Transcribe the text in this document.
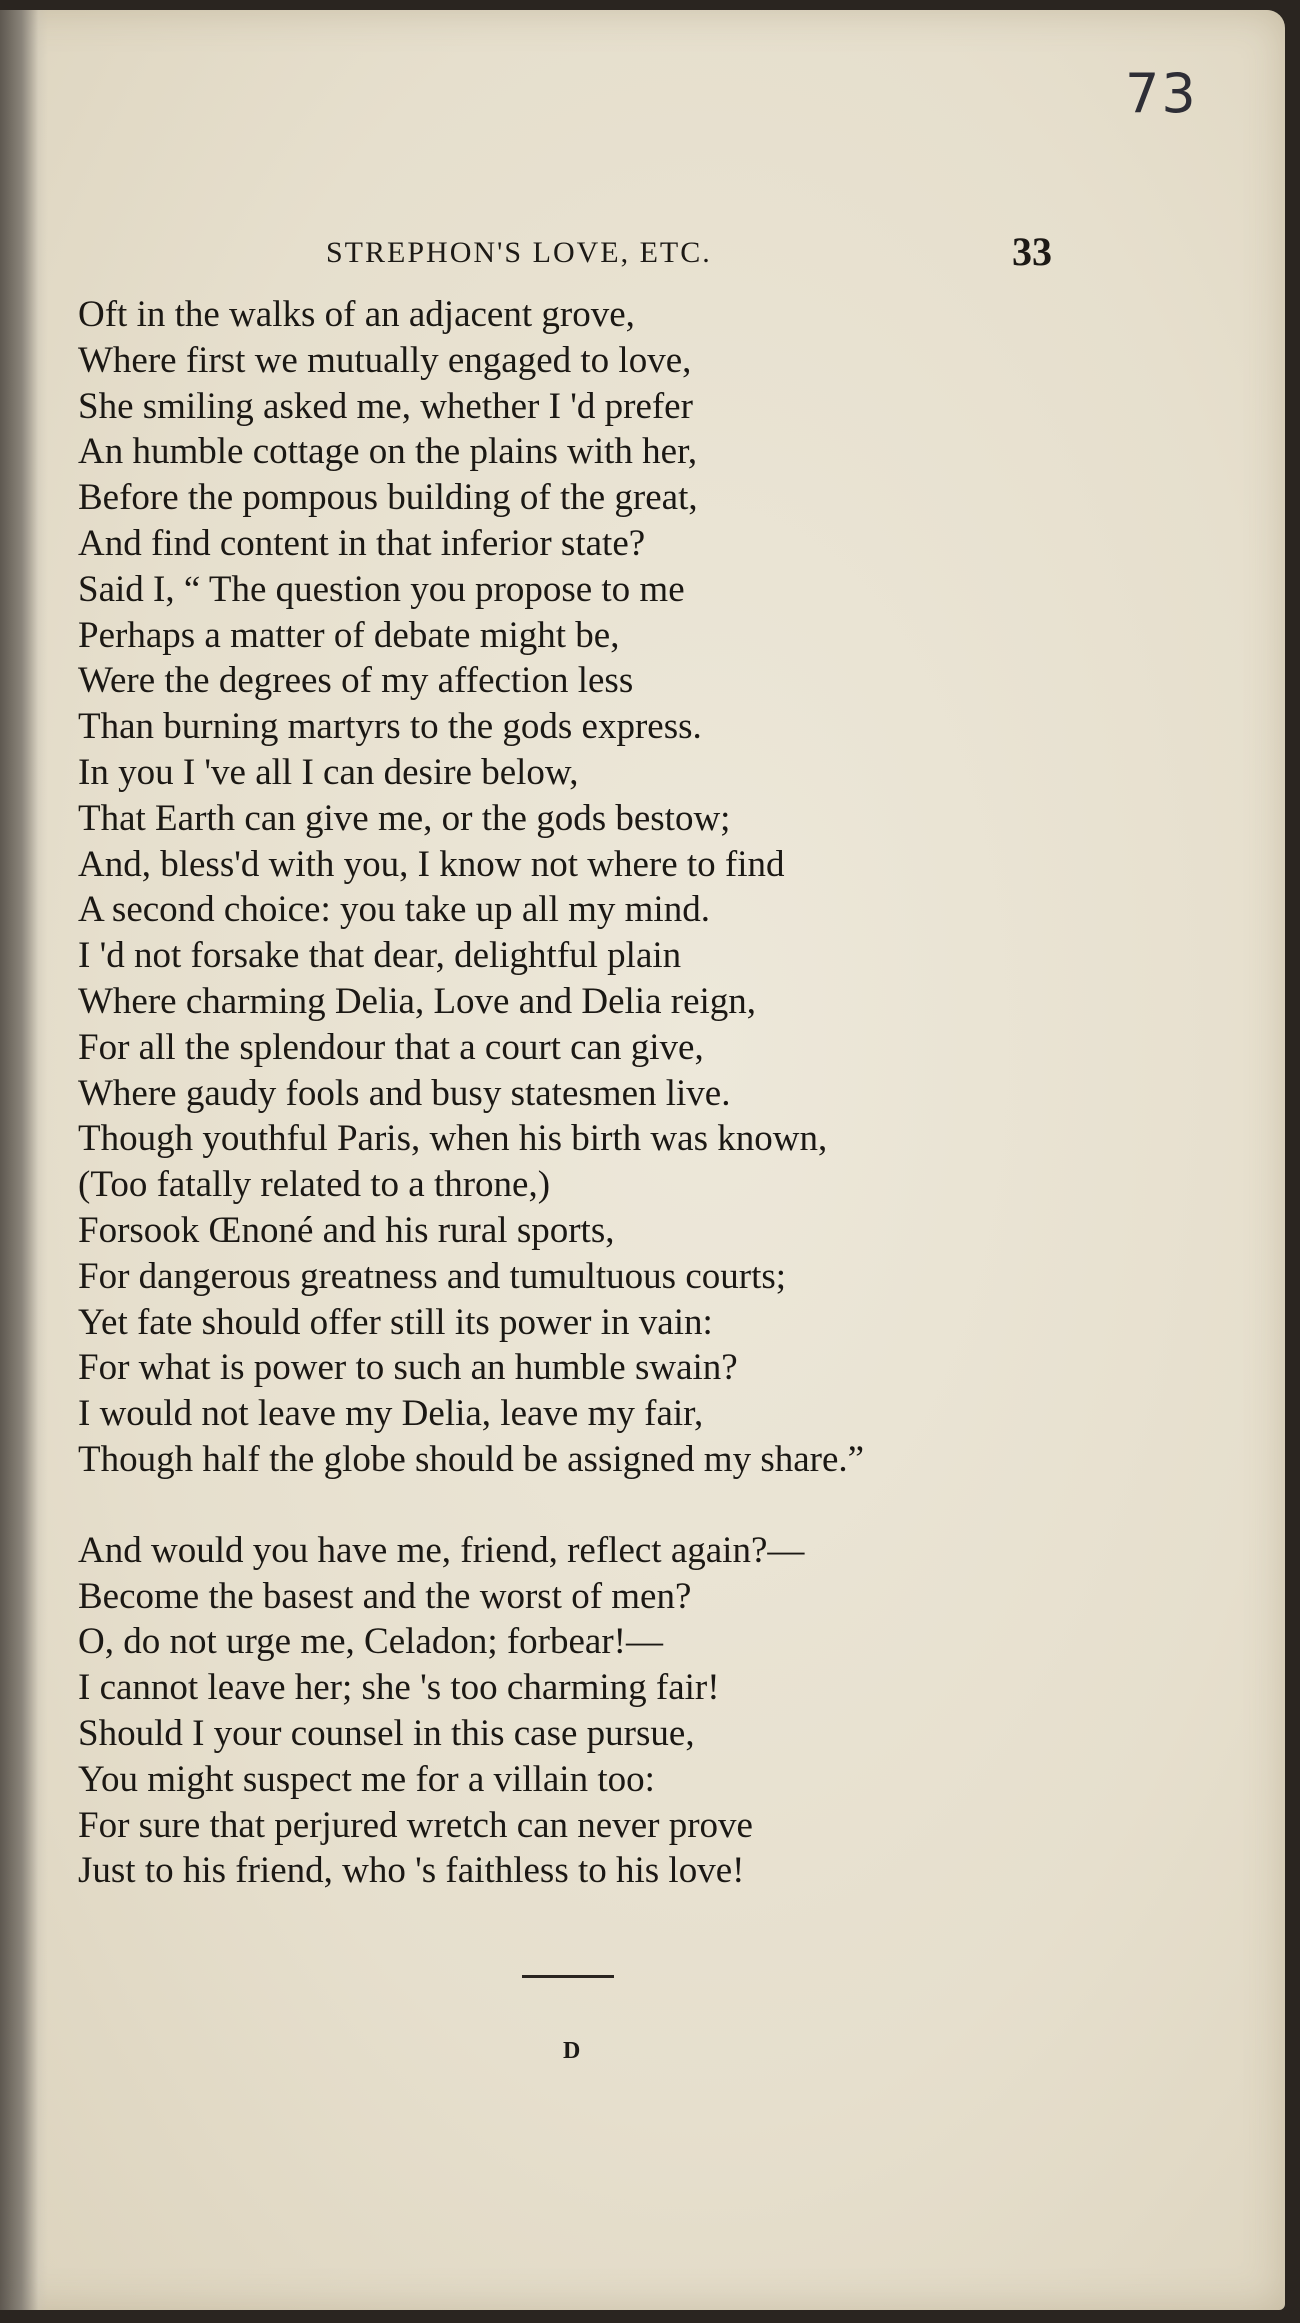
73
STREPHON'S LOVE, ETC.	33
Oft in the walks of an adjacent grove,
Where first we mutually engaged to love,
She smiling asked me, whether I 'd prefer
An humble cottage on the plains with her,
Before the pompous building of the great,
And find content in that inferior state?
Said I, “ The question you propose to me
Perhaps a matter of debate might be,
Were the degrees of my affection less
Than burning martyrs to the gods express.
In you I 've all I can desire below,
That Earth can give me, or the gods bestow;
And, bless'd with you, I know not where to find
A second choice: you take up all my mind.
I 'd not forsake that dear, delightful plain
Where charming Delia, Love and Delia reign,
For all the splendour that a court can give,
Where gaudy fools and busy statesmen live.
Though youthful Paris, when his birth was known,
(Too fatally related to a throne,)
Forsook Œnoné and his rural sports,
For dangerous greatness and tumultuous courts;
Yet fate should offer still its power in vain:
For what is power to such an humble swain?
I would not leave my Delia, leave my fair,
Though half the globe should be assigned my share.”
And would you have me, friend, reflect again?—
Become the basest and the worst of men?
O, do not urge me, Celadon; forbear!—
I cannot leave her; she 's too charming fair!
Should I your counsel in this case pursue,
You might suspect me for a villain too:
For sure that perjured wretch can never prove
Just to his friend, who 's faithless to his love!
D
